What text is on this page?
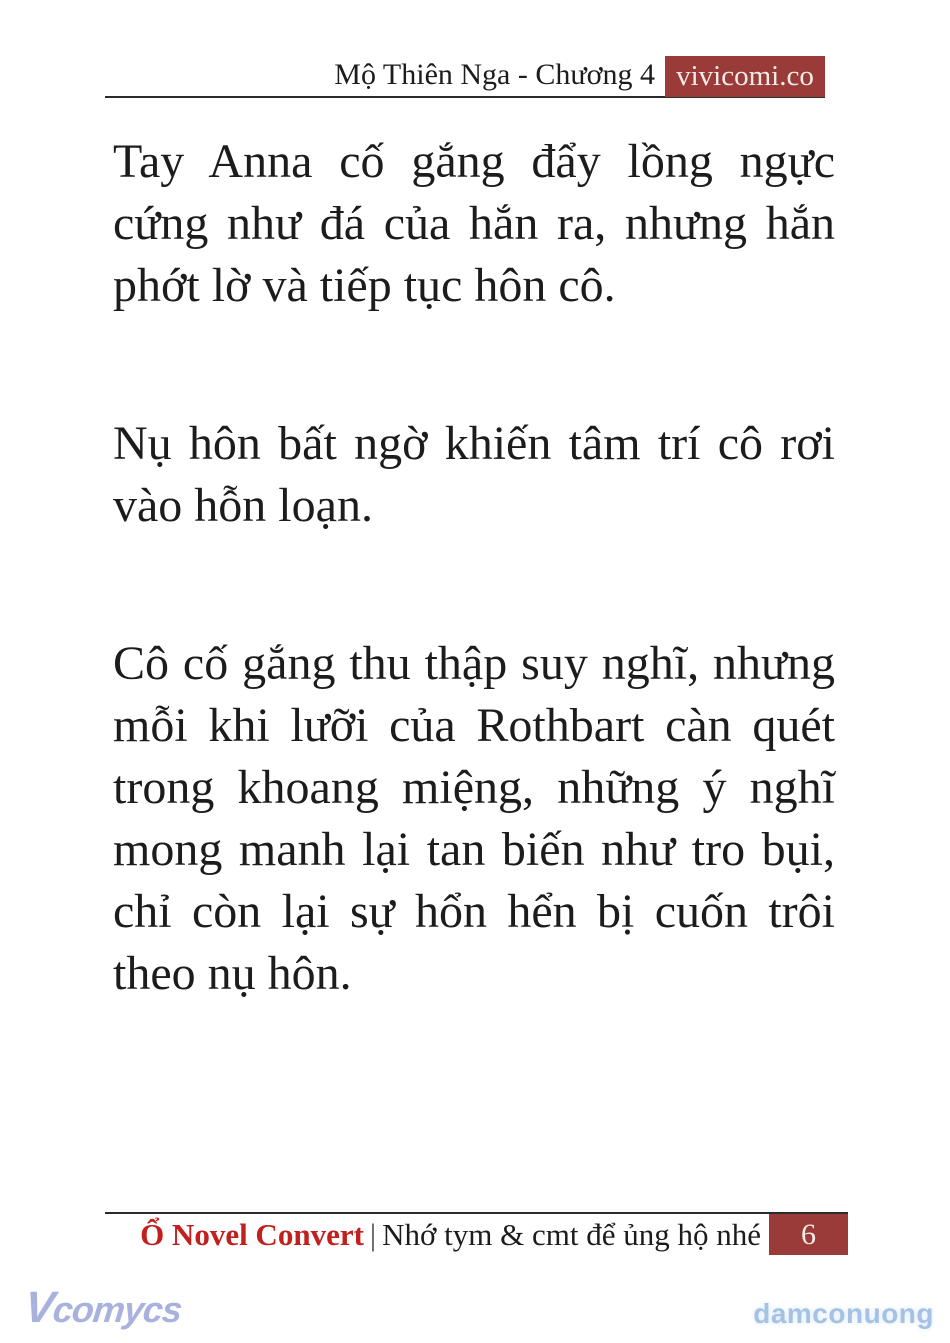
Mộ Thiên Nga - Chương 4 vivicomi.co

Tay Anna cố gắng đẩy lồng ngực cứng như đá của hắn ra, nhưng hắn phớt lờ và tiếp tục hôn cô.

Nụ hôn bất ngờ khiến tâm trí cô rơi vào hỗn loạn.

Cô cố gắng thu thập suy nghĩ, nhưng mỗi khi lưỡi của Rothbart càn quét trong khoang miệng, những ý nghĩ mong manh lại tan biến như tro bụi, chỉ còn lại sự hổn hển bị cuốn trôi theo nụ hôn.

Ổ Novel Convert | Nhớ tym & cmt để ủng hộ nhé	6
Vcomycs	damconuong
